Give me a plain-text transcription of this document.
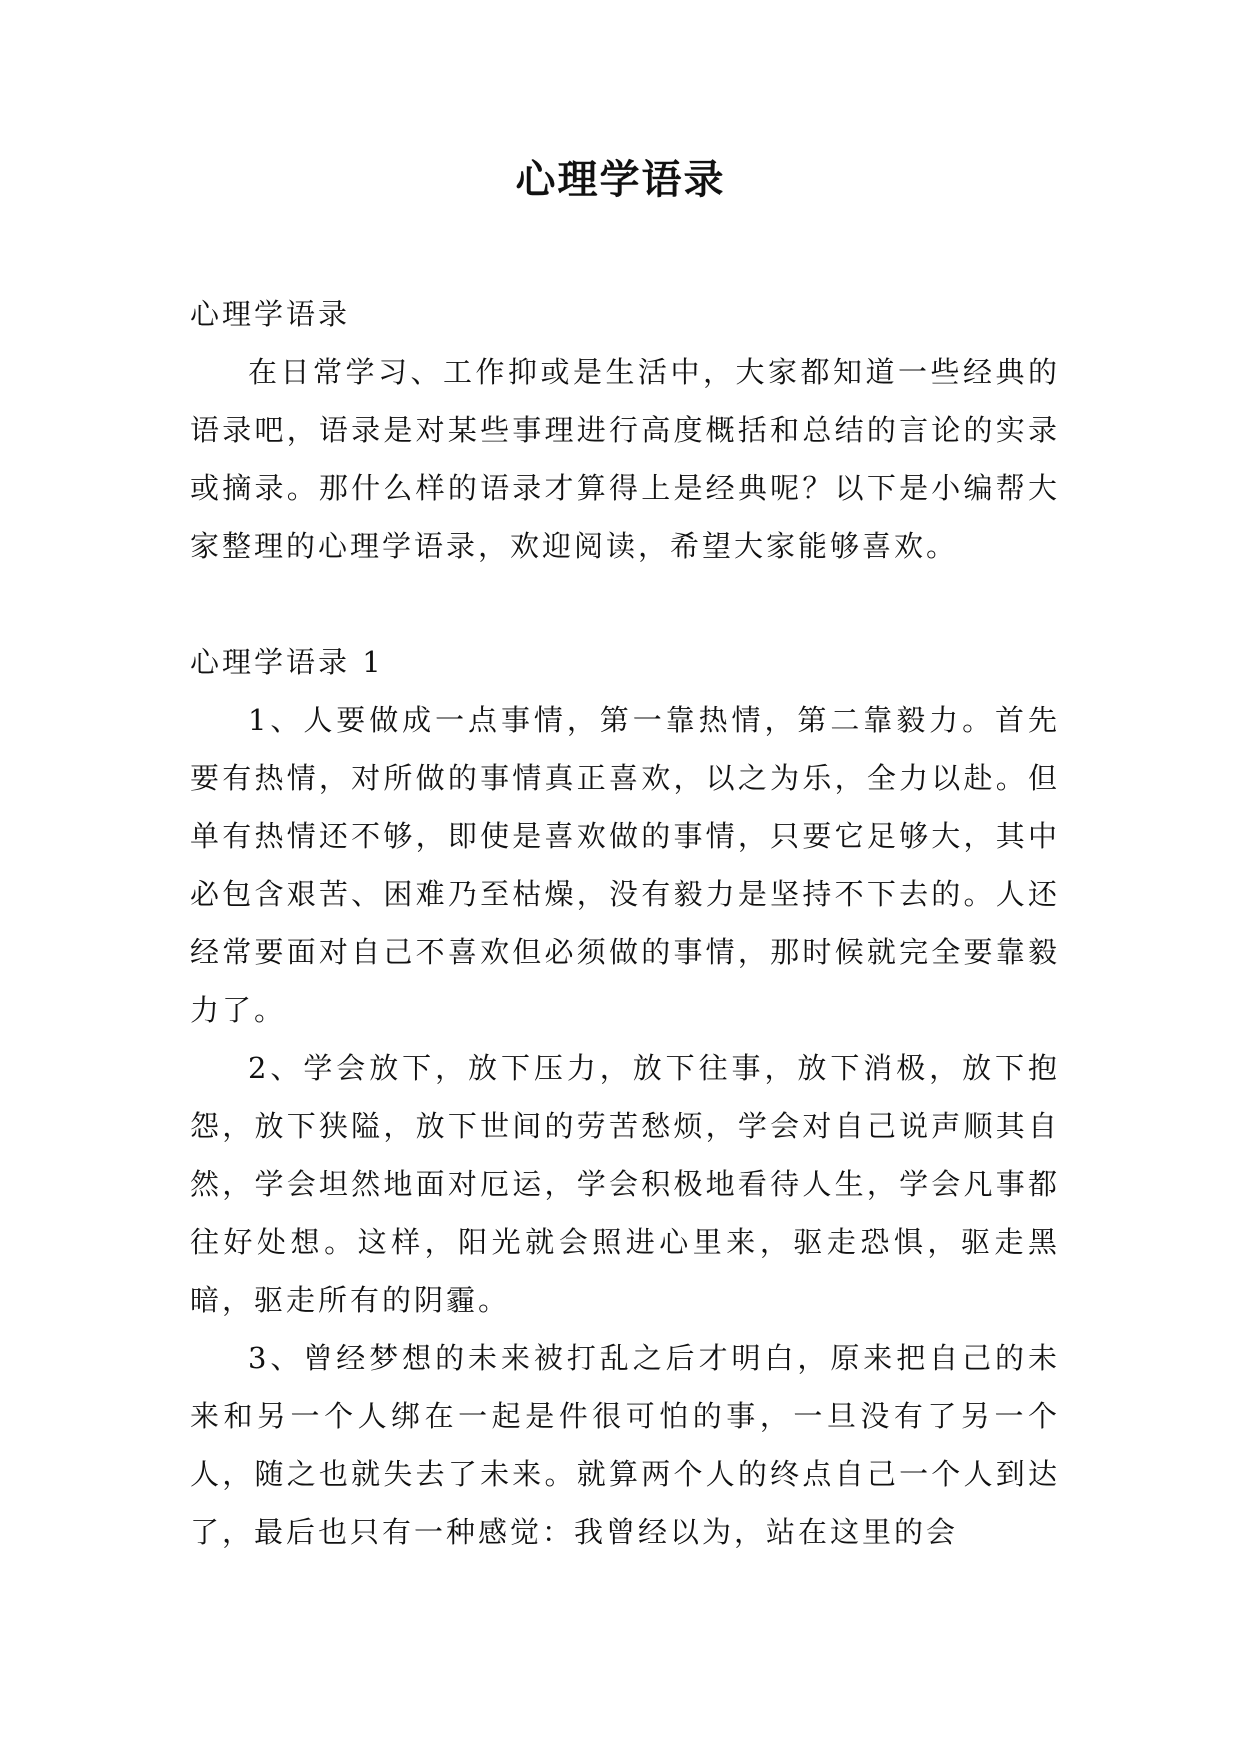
心理学语录

心理学语录

在日常学习、工作抑或是生活中，大家都知道一些经典的语录吧，语录是对某些事理进行高度概括和总结的言论的实录或摘录。那什么样的语录才算得上是经典呢？以下是小编帮大家整理的心理学语录，欢迎阅读，希望大家能够喜欢。

心理学语录 1

1、人要做成一点事情，第一靠热情，第二靠毅力。首先要有热情，对所做的事情真正喜欢，以之为乐，全力以赴。但单有热情还不够，即使是喜欢做的事情，只要它足够大，其中必包含艰苦、困难乃至枯燥，没有毅力是坚持不下去的。人还经常要面对自己不喜欢但必须做的事情，那时候就完全要靠毅力了。

2、学会放下，放下压力，放下往事，放下消极，放下抱怨，放下狭隘，放下世间的劳苦愁烦，学会对自己说声顺其自然，学会坦然地面对厄运，学会积极地看待人生，学会凡事都往好处想。这样，阳光就会照进心里来，驱走恐惧，驱走黑暗，驱走所有的阴霾。

3、曾经梦想的未来被打乱之后才明白，原来把自己的未来和另一个人绑在一起是件很可怕的事，一旦没有了另一个人，随之也就失去了未来。就算两个人的终点自己一个人到达了，最后也只有一种感觉：我曾经以为，站在这里的会
